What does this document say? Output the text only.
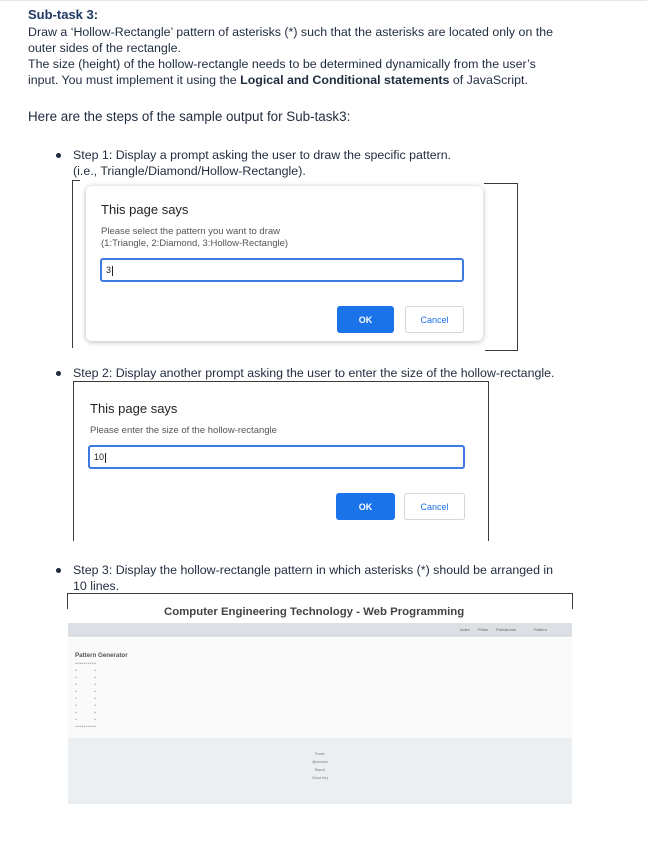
Sub-task 3:
Draw a ‘Hollow-Rectangle’ pattern of asterisks (*) such that the asterisks are located only on the
outer sides of the rectangle.
The size (height) of the hollow-rectangle needs to be determined dynamically from the user’s
input. You must implement it using the Logical and Conditional statements of JavaScript.
Here are the steps of the sample output for Sub-task3:
Step 1: Display a prompt asking the user to draw the specific pattern.
(i.e., Triangle/Diamond/Hollow-Rectangle).
This page says
Please select the pattern you want to draw
(1:Triangle, 2:Diamond, 3:Hollow-Rectangle)
3
OK	Cancel
Step 2: Display another prompt asking the user to enter the size of the hollow-rectangle.
This page says
Please enter the size of the hollow-rectangle
10
OK	Cancel
Step 3: Display the hollow-rectangle pattern in which asterisks (*) should be arranged in
10 lines.
Computer Engineering Technology - Web Programming
Index Prime Palindrome	Pattern
Pattern Generator
**********
*        *
*        *
*        *
*        *
*        *
*        *
*        *
*        *
**********
Footer
@xxxxxxx
Report
Cloud Key
